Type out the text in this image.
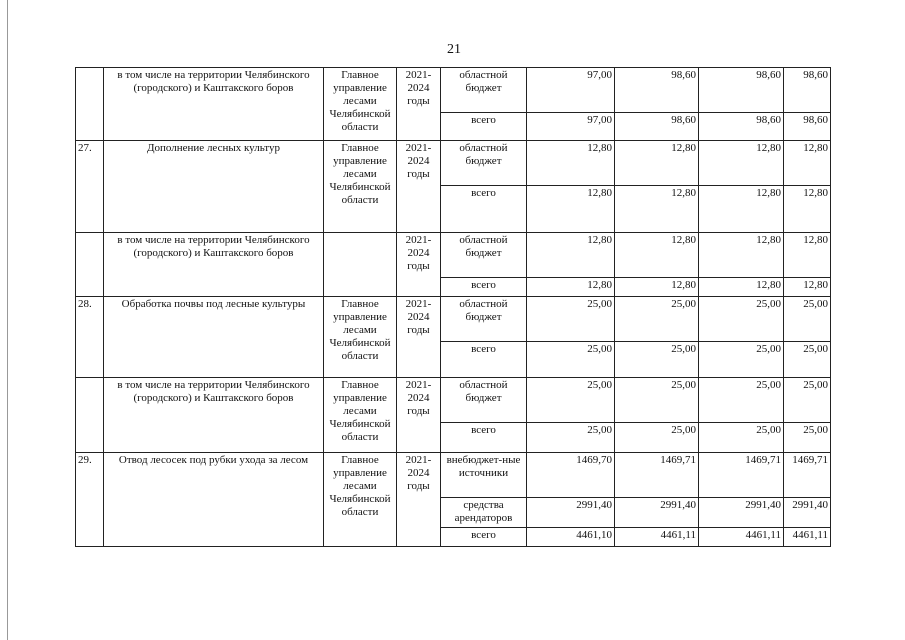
21
	в том числе на территории Челябинского (городского) и Каштакского боров	Главное управление лесами Челябинской области	2021-2024 годы	областной бюджет	97,00	98,60	98,60	98,60
				всего	97,00	98,60	98,60	98,60
27.	Дополнение лесных культур	Главное управление лесами Челябинской области	2021-2024 годы	областной бюджет	12,80	12,80	12,80	12,80
				всего	12,80	12,80	12,80	12,80
	в том числе на территории Челябинского (городского) и Каштакского боров		2021-2024 годы	областной бюджет	12,80	12,80	12,80	12,80
				всего	12,80	12,80	12,80	12,80
28.	Обработка почвы под лесные культуры	Главное управление лесами Челябинской области	2021-2024 годы	областной бюджет	25,00	25,00	25,00	25,00
				всего	25,00	25,00	25,00	25,00
	в том числе на территории Челябинского (городского) и Каштакского боров	Главное управление лесами Челябинской области	2021-2024 годы	областной бюджет	25,00	25,00	25,00	25,00
				всего	25,00	25,00	25,00	25,00
29.	Отвод лесосек под рубки ухода за лесом	Главное управление лесами Челябинской области	2021-2024 годы	внебюджет-ные источники	1469,70	1469,71	1469,71	1469,71
				средства арендаторов	2991,40	2991,40	2991,40	2991,40
				всего	4461,10	4461,11	4461,11	4461,11
